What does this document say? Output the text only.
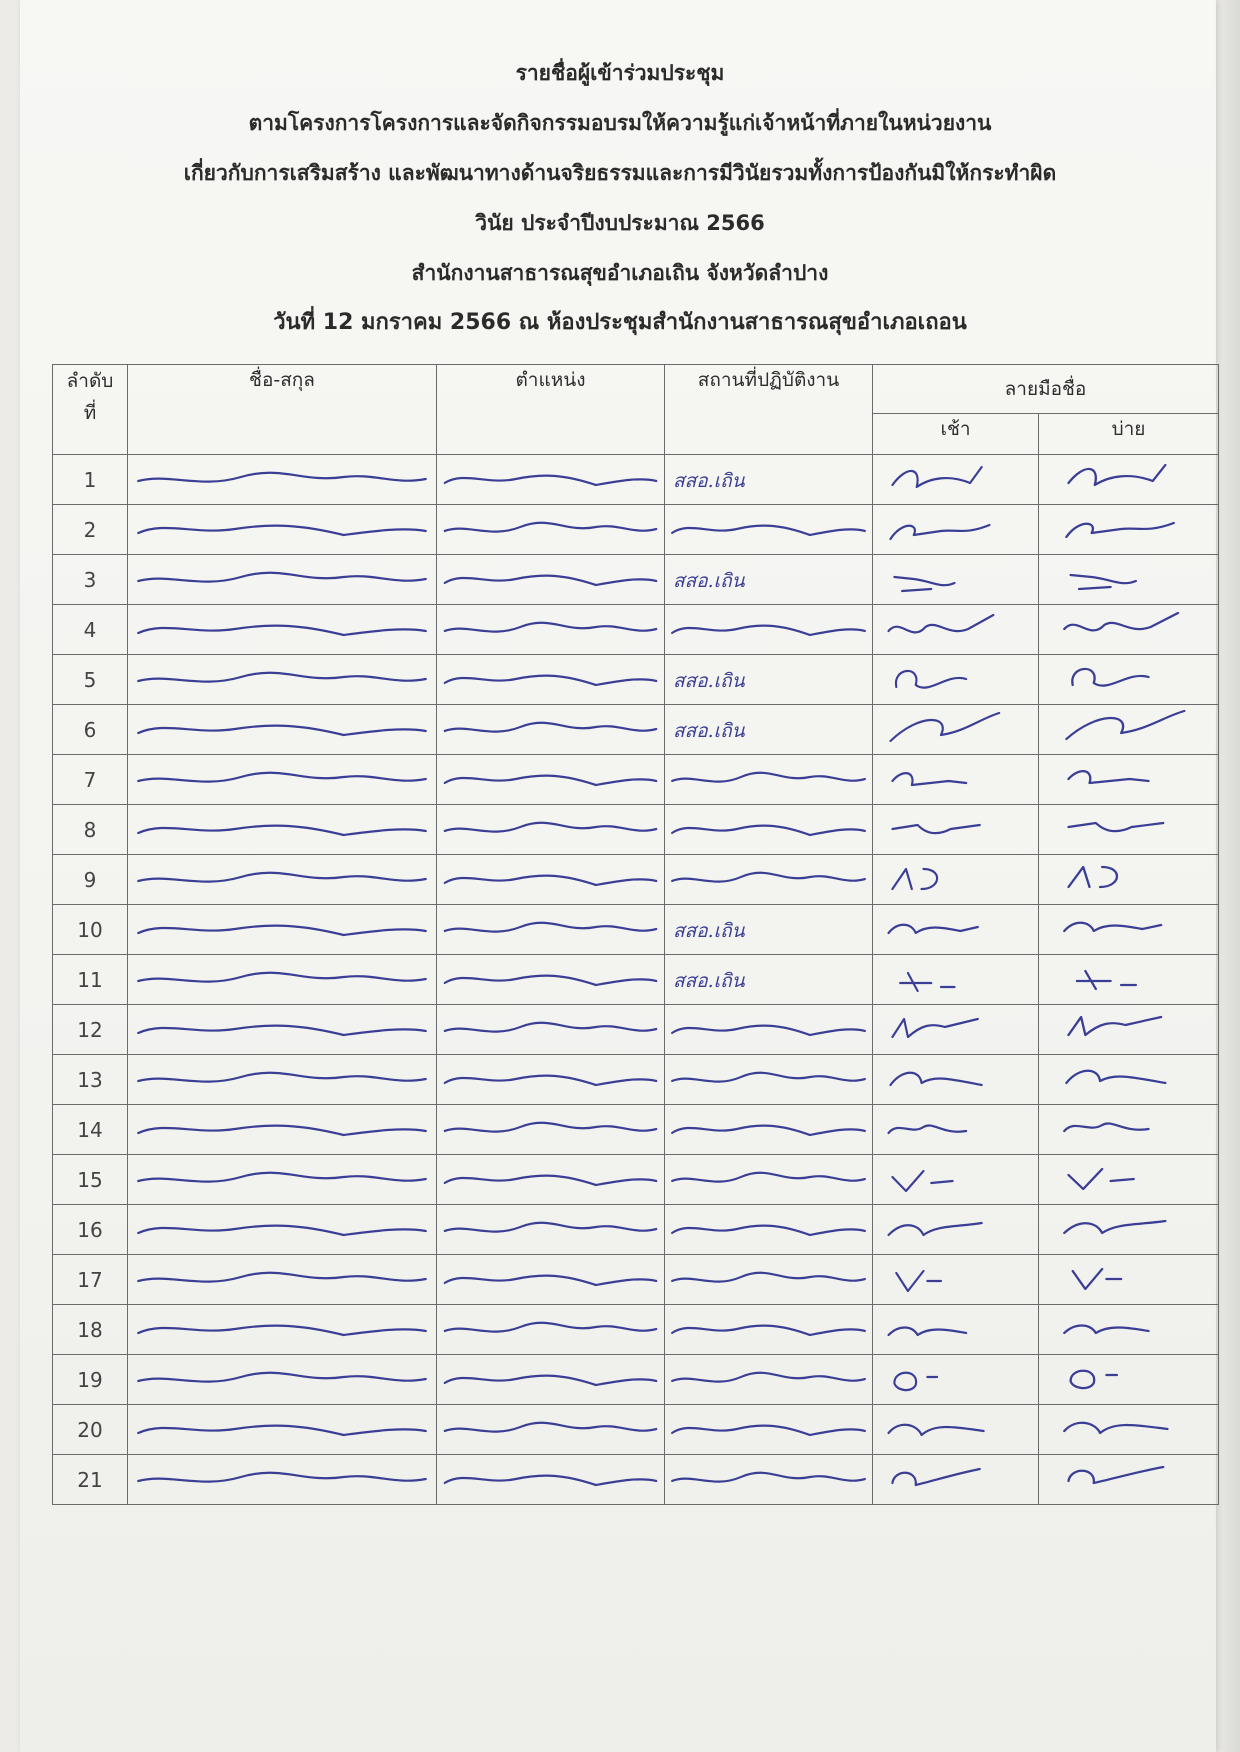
รายชื่อผู้เข้าร่วมประชุม
ตามโครงการโครงการและจัดกิจกรรมอบรมให้ความรู้แก่เจ้าหน้าที่ภายในหน่วยงาน
เกี่ยวกับการเสริมสร้าง และพัฒนาทางด้านจริยธรรมและการมีวินัยรวมทั้งการป้องกันมิให้กระทำผิด
วินัย ประจำปีงบประมาณ 2566
สำนักงานสาธารณสุขอำเภอเถิน จังหวัดลำปาง
วันที่ 12 มกราคม 2566 ณ ห้องประชุมสำนักงานสาธารณสุขอำเภอเถอน
ลำดับ
ที่	ชื่อ-สกุล	ตำแหน่ง	สถานที่ปฏิบัติงาน	ลายมือชื่อ	
				เช้า	บ่าย
1			สสอ.เถิน

2	

3			สสอ.เถิน

4	

5			สสอ.เถิน

6			สสอ.เถิน

7	

8	

9	

10			สสอ.เถิน

11			สสอ.เถิน

12	

13	

14	

15	

16	

17	

18	

19	

20	

21	
